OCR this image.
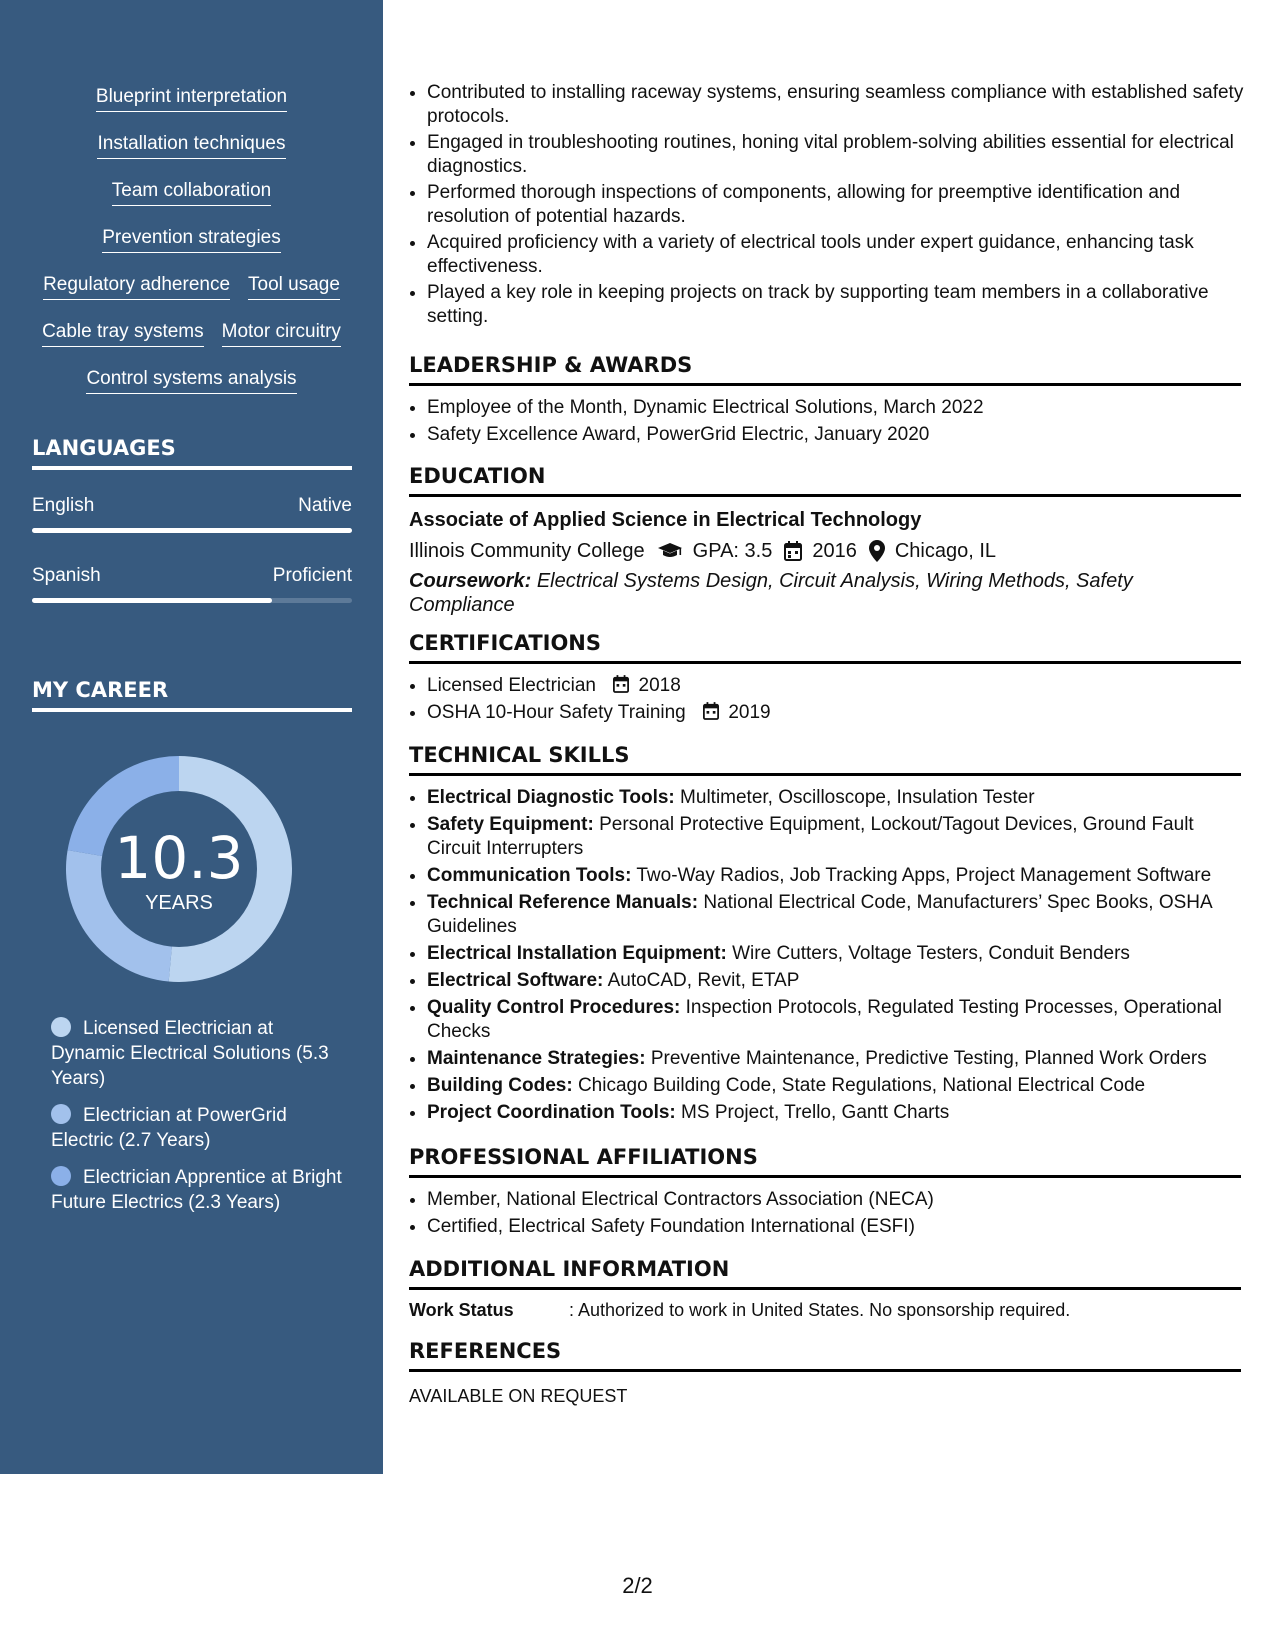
Blueprint interpretation
Installation techniques
Team collaboration
Prevention strategies
Regulatory adherence Tool usage
Cable tray systems Motor circuitry
Control systems analysis
LANGUAGES
English	Native
Spanish	Proficient
MY CAREER
10.3
YEARS
Licensed Electrician at Dynamic Electrical Solutions (5.3 Years)
Electrician at PowerGrid Electric (2.7 Years)
Electrician Apprentice at Bright Future Electrics (2.3 Years)
• Contributed to installing raceway systems, ensuring seamless compliance with established safety protocols.
• Engaged in troubleshooting routines, honing vital problem-solving abilities essential for electrical diagnostics.
• Performed thorough inspections of components, allowing for preemptive identification and resolution of potential hazards.
• Acquired proficiency with a variety of electrical tools under expert guidance, enhancing task effectiveness.
• Played a key role in keeping projects on track by supporting team members in a collaborative setting.
LEADERSHIP & AWARDS
• Employee of the Month, Dynamic Electrical Solutions, March 2022
• Safety Excellence Award, PowerGrid Electric, January 2020
EDUCATION
Associate of Applied Science in Electrical Technology
Illinois Community College GPA: 3.5 2016 Chicago, IL
Coursework: Electrical Systems Design, Circuit Analysis, Wiring Methods, Safety Compliance
CERTIFICATIONS
• Licensed Electrician 2018
• OSHA 10-Hour Safety Training 2019
TECHNICAL SKILLS
• Electrical Diagnostic Tools: Multimeter, Oscilloscope, Insulation Tester
• Safety Equipment: Personal Protective Equipment, Lockout/Tagout Devices, Ground Fault Circuit Interrupters
• Communication Tools: Two-Way Radios, Job Tracking Apps, Project Management Software
• Technical Reference Manuals: National Electrical Code, Manufacturers’ Spec Books, OSHA Guidelines
• Electrical Installation Equipment: Wire Cutters, Voltage Testers, Conduit Benders
• Electrical Software: AutoCAD, Revit, ETAP
• Quality Control Procedures: Inspection Protocols, Regulated Testing Processes, Operational Checks
• Maintenance Strategies: Preventive Maintenance, Predictive Testing, Planned Work Orders
• Building Codes: Chicago Building Code, State Regulations, National Electrical Code
• Project Coordination Tools: MS Project, Trello, Gantt Charts
PROFESSIONAL AFFILIATIONS
• Member, National Electrical Contractors Association (NECA)
• Certified, Electrical Safety Foundation International (ESFI)
ADDITIONAL INFORMATION
Work Status	: Authorized to work in United States. No sponsorship required.
REFERENCES
AVAILABLE ON REQUEST
2/2
